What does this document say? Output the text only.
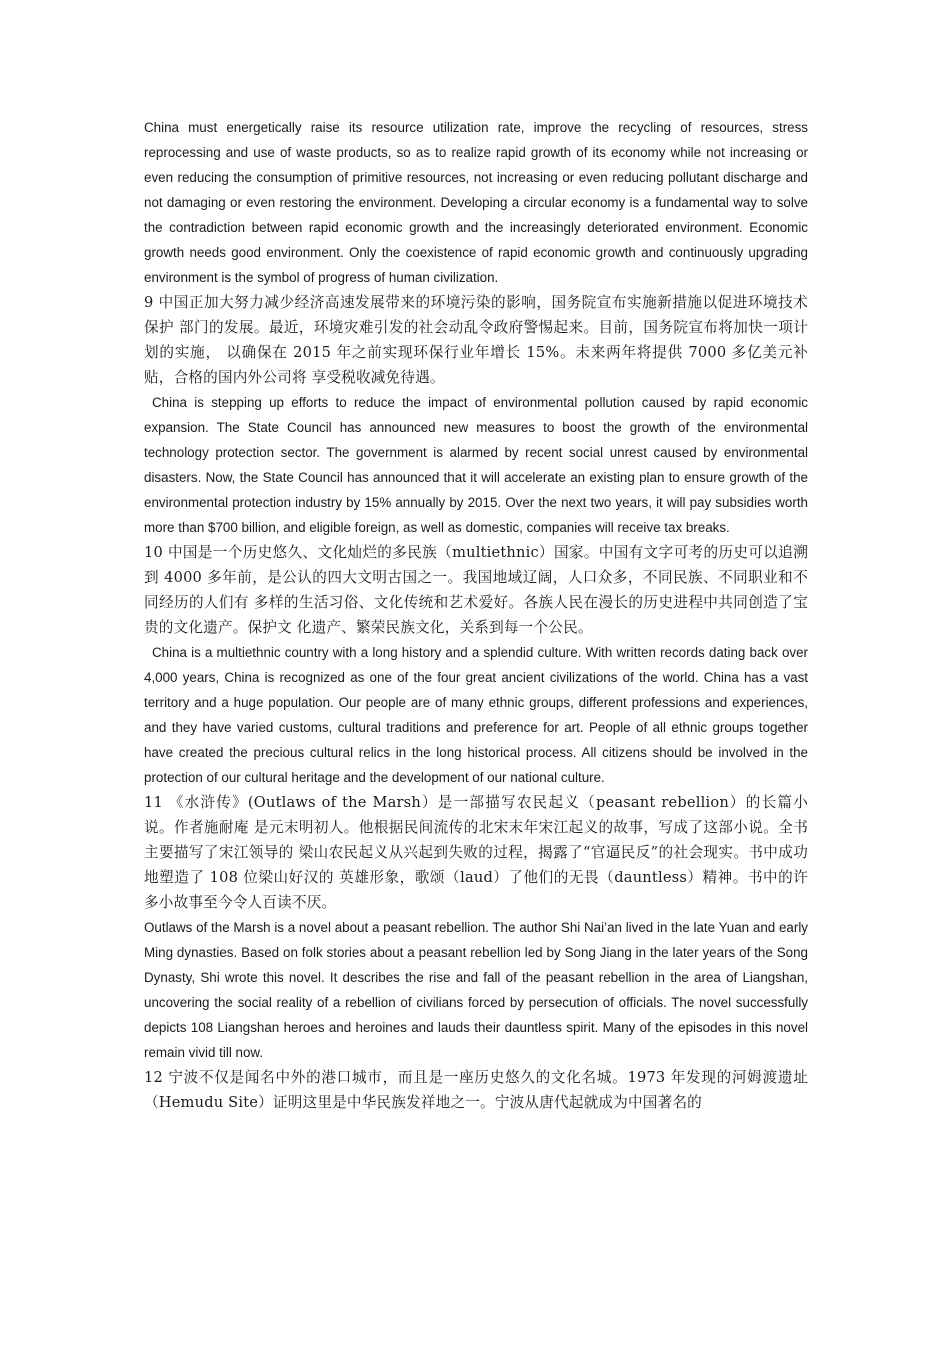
China must energetically raise its resource utilization rate, improve the recycling of resources, stress reprocessing and use of waste products, so as to realize rapid growth of its economy while not increasing or even reducing the consumption of primitive resources, not increasing or even reducing pollutant discharge and not damaging or even restoring the environment. Developing a circular economy is a fundamental way to solve the contradiction between rapid economic growth and the increasingly deteriorated environment. Economic growth needs good environment. Only the coexistence of rapid economic growth and continuously upgrading environment is the symbol of progress of human civilization.

9 中国正加大努力减少经济高速发展带来的环境污染的影响，国务院宣布实施新措施以促进环境技术保护 部门的发展。最近，环境灾难引发的社会动乱令政府警惕起来。目前，国务院宣布将加快一项计划的实施， 以确保在 2015 年之前实现环保行业年增长 15%。未来两年将提供 7000 多亿美元补贴，合格的国内外公司将 享受税收减免待遇。

China is stepping up efforts to reduce the impact of environmental pollution caused by rapid economic expansion. The State Council has announced new measures to boost the growth of the environmental technology protection sector. The government is alarmed by recent social unrest caused by environmental disasters. Now, the State Council has announced that it will accelerate an existing plan to ensure growth of the environmental protection industry by 15% annually by 2015. Over the next two years, it will pay subsidies worth more than $700 billion, and eligible foreign, as well as domestic, companies will receive tax breaks.

10 中国是一个历史悠久、文化灿烂的多民族（multiethnic）国家。中国有文字可考的历史可以追溯到 4000 多年前，是公认的四大文明古国之一。我国地域辽阔，人口众多，不同民族、不同职业和不同经历的人们有 多样的生活习俗、文化传统和艺术爱好。各族人民在漫长的历史进程中共同创造了宝贵的文化遗产。保护文 化遗产、繁荣民族文化，关系到每一个公民。

China is a multiethnic country with a long history and a splendid culture. With written records dating back over 4,000 years, China is recognized as one of the four great ancient civilizations of the world. China has a vast territory and a huge population. Our people are of many ethnic groups, different professions and experiences, and they have varied customs, cultural traditions and preference for art. People of all ethnic groups together have created the precious cultural relics in the long historical process. All citizens should be involved in the protection of our cultural heritage and the development of our national culture.

11 《水浒传》(Outlaws of the Marsh）是一部描写农民起义（peasant rebellion）的长篇小说。作者施耐庵 是元末明初人。他根据民间流传的北宋末年宋江起义的故事，写成了这部小说。全书主要描写了宋江领导的 梁山农民起义从兴起到失败的过程，揭露了“官逼民反”的社会现实。书中成功地塑造了 108 位梁山好汉的 英雄形象，歌颂（laud）了他们的无畏（dauntless）精神。书中的许多小故事至今令人百读不厌。

Outlaws of the Marsh is a novel about a peasant rebellion. The author Shi Nai’an lived in the late Yuan and early Ming dynasties. Based on folk stories about a peasant rebellion led by Song Jiang in the later years of the Song Dynasty, Shi wrote this novel. It describes the rise and fall of the peasant rebellion in the area of Liangshan, uncovering the social reality of a rebellion of civilians forced by persecution of officials. The novel successfully depicts 108 Liangshan heroes and heroines and lauds their dauntless spirit. Many of the episodes in this novel remain vivid till now.

12 宁波不仅是闻名中外的港口城市，而且是一座历史悠久的文化名城。1973 年发现的河姆渡遗址（Hemudu Site）证明这里是中华民族发祥地之一。宁波从唐代起就成为中国著名的
